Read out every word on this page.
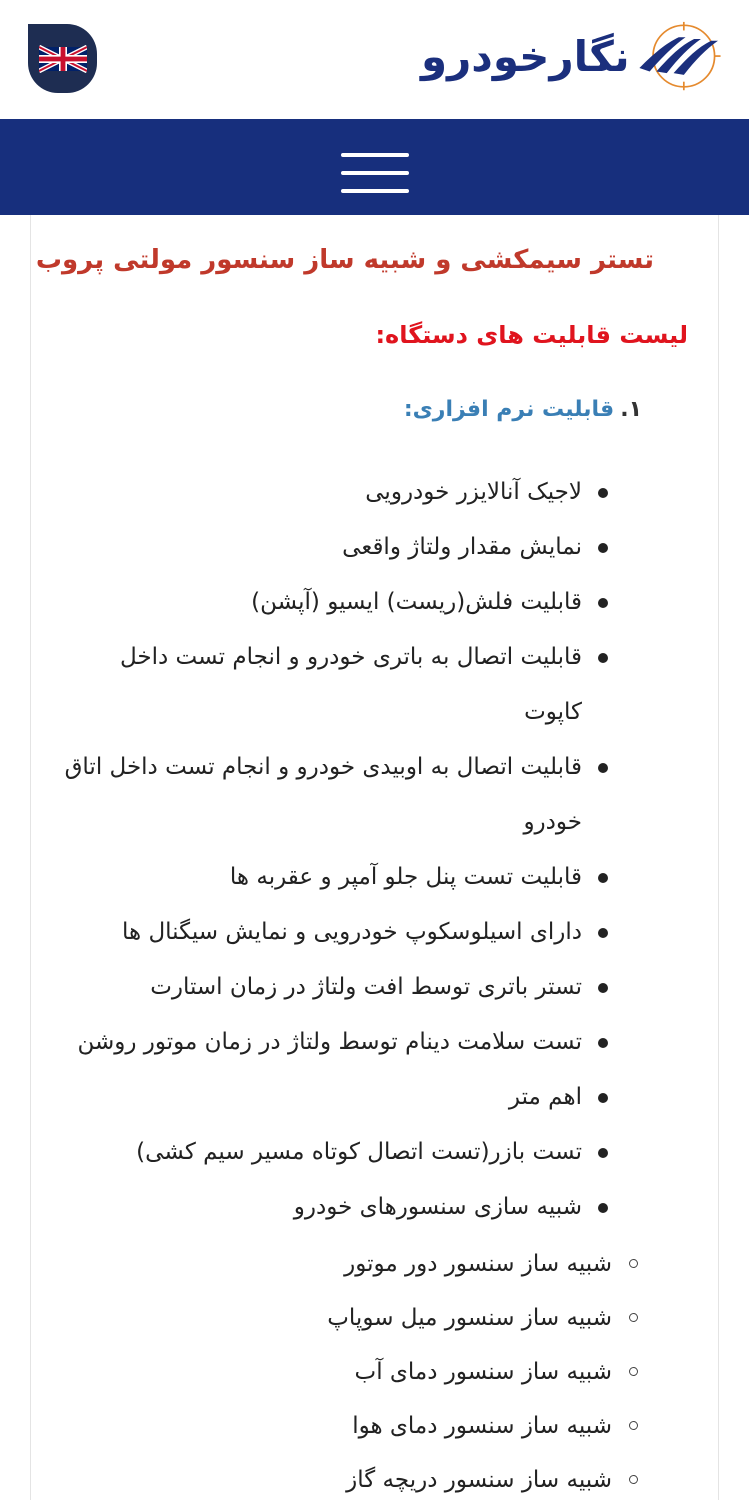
نگارخودرو
تستر سیمکشی و شبیه ساز سنسور مولتی پروب
لیست قابلیت های دستگاه:
۱.
قابلیت نرم افزاری:
لاجیک آنالایزر خودرویی
نمایش مقدار ولتاژ واقعی
قابلیت فلش(ریست) ایسیو (آپشن)
قابلیت اتصال به باتری خودرو و انجام تست داخل کاپوت
قابلیت اتصال به اوبیدی خودرو و انجام تست داخل اتاق خودرو
قابلیت تست پنل جلو آمپر و عقربه ها
دارای اسیلوسکوپ خودرویی و نمایش سیگنال ها
تستر باتری توسط افت ولتاژ در زمان استارت
تست سلامت دینام توسط ولتاژ در زمان موتور روشن
اهم متر
تست بازر(تست اتصال کوتاه مسیر سیم کشی)
شبیه سازی سنسورهای خودرو
شبیه ساز سنسور دور موتور
شبیه ساز سنسور میل سوپاپ
شبیه ساز سنسور دمای آب
شبیه ساز سنسور دمای هوا
شبیه ساز سنسور دریچه گاز
